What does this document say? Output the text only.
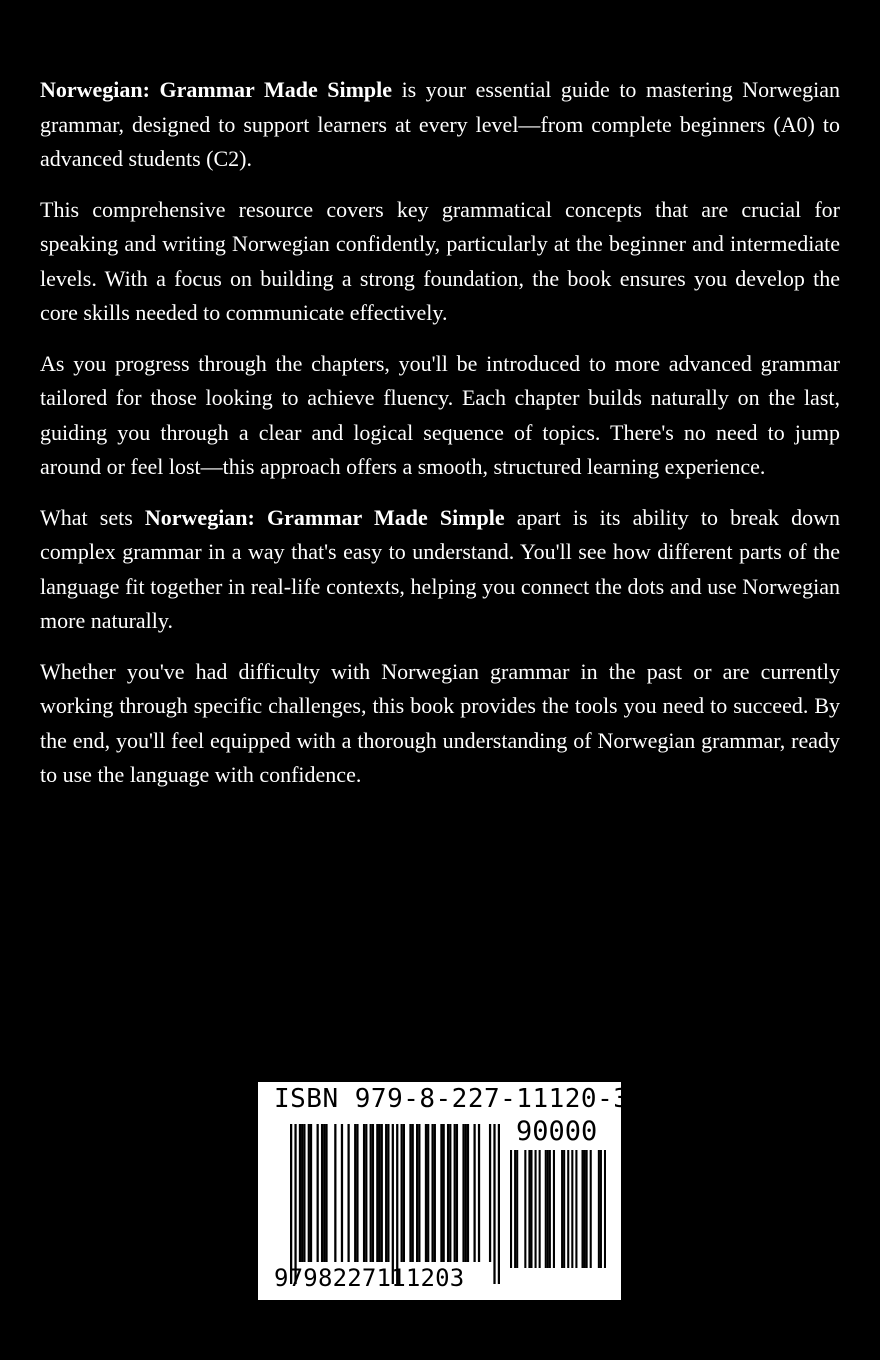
Norwegian: Grammar Made Simple is your essential guide to mastering Norwegian grammar, designed to support learners at every level—from complete beginners (A0) to advanced students (C2).

This comprehensive resource covers key grammatical concepts that are crucial for speaking and writing Norwegian confidently, particularly at the beginner and intermediate levels. With a focus on building a strong foundation, the book ensures you develop the core skills needed to communicate effectively.

As you progress through the chapters, you'll be introduced to more advanced grammar tailored for those looking to achieve fluency. Each chapter builds naturally on the last, guiding you through a clear and logical sequence of topics. There's no need to jump around or feel lost—this approach offers a smooth, structured learning experience.

What sets Norwegian: Grammar Made Simple apart is its ability to break down complex grammar in a way that's easy to understand. You'll see how different parts of the language fit together in real-life contexts, helping you connect the dots and use Norwegian more naturally.

Whether you've had difficulty with Norwegian grammar in the past or are currently working through specific challenges, this book provides the tools you need to succeed. By the end, you'll feel equipped with a thorough understanding of Norwegian grammar, ready to use the language with confidence.

ISBN 979-8-227-11120-3
90000
9798227111203
